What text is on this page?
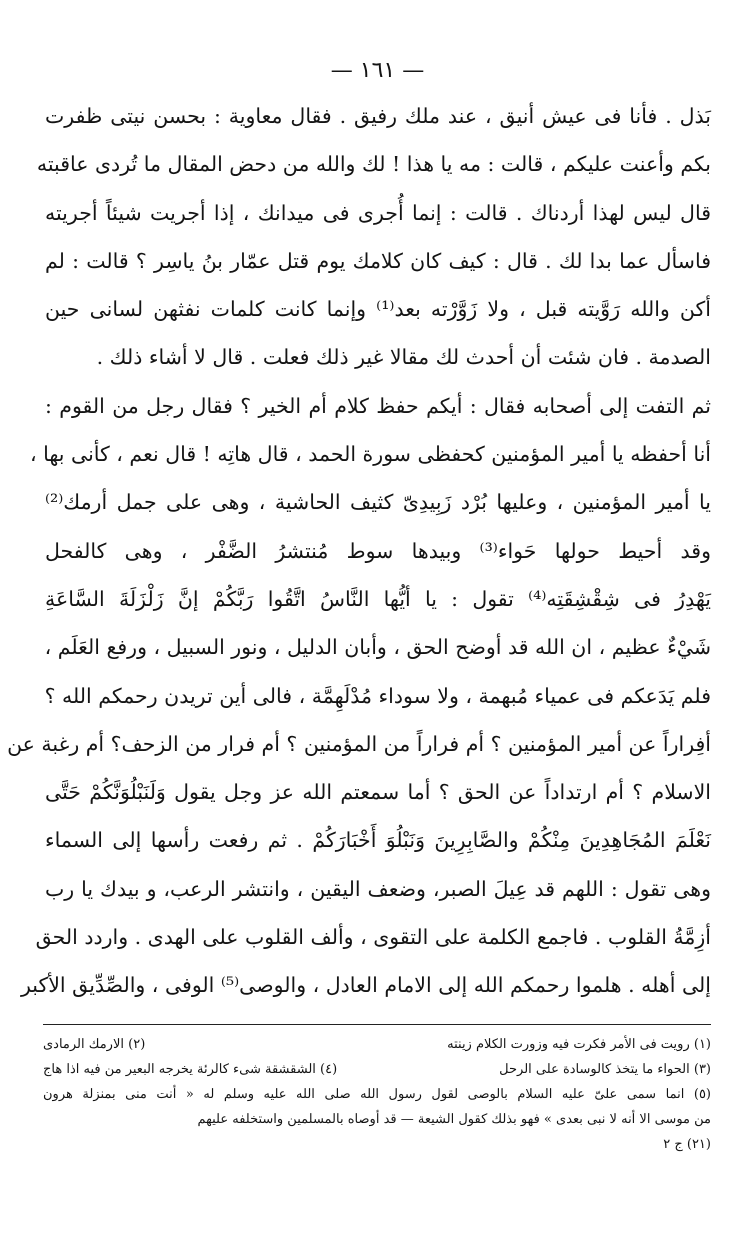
— ١٦١ —
بَذل . فأنا فى عيش أنيق ، عند ملك رفيق . فقال معاوية : بحسن نيتى ظفرت
بكم وأعنت عليكم ، قالت : مه يا هذا ! لك والله من دحض المقال ما تُردى عاقبته
قال ليس لهذا أردناك . قالت : إنما أُجرى فى ميدانك ، إذا أجريت شيئاً أجريته
فاسأل عما بدا لك . قال : كيف كان كلامك يوم قتل عمّار بنُ ياسِر ؟ قالت : لم
أكن والله رَوَّيته قبل ، ولا زَوَّرْته بعد⁽¹⁾ وإنما كانت كلمات نفثهن لسانى حين
الصدمة . فان شئت أن أحدث لك مقالا غير ذلك فعلت . قال لا أشاء ذلك .
ثم التفت إلى أصحابه فقال : أيكم حفظ كلام أم الخير ؟ فقال رجل من القوم :
أنا أحفظه يا أمير المؤمنين كحفظى سورة الحمد ، قال هاتِه ! قال نعم ، كأنى بها ،
يا أمير المؤمنين ، وعليها بُرْد زَبِيدِىّ كثيف الحاشية ، وهى على جمل أرمك⁽²⁾
وقد أحيط حولها حَواء⁽³⁾ وبيدها سوط مُنتشرُ الضَّفْر ، وهى كالفحل
يَهْدِرُ فى شِقْشِقَتِه⁽⁴⁾ تقول : يا أيُّها النَّاسُ اتَّقُوا رَبَّكُمْ إنَّ زَلْزَلَةَ السَّاعَةِ
شَيْءٌ عظيم ، ان الله قد أوضح الحق ، وأبان الدليل ، ونور السبيل ، ورفع العَلَم ،
فلم يَدَعكم فى عمياء مُبهمة ، ولا سوداء مُدْلَهِمَّة ، فالى أين تريدن رحمكم الله ؟
أفِراراً عن أمير المؤمنين ؟ أم فراراً من المؤمنين ؟ أم فرار من الزحف؟ أم رغبة عن
الاسلام ؟ أم ارتداداً عن الحق ؟ أما سمعتم الله عز وجل يقول وَلَنَبْلُوَنَّكُمْ حَتَّى
نَعْلَمَ المُجَاهِدِينَ مِنْكُمْ والصَّابِرِينَ وَنَبْلُوَ أَخْبَارَكُمْ . ثم رفعت رأسها إلى السماء
وهى تقول : اللهم قد عِيلَ الصبر، وضعف اليقين ، وانتشر الرعب، و بيدك يا رب
أزِمَّةُ القلوب . فاجمع الكلمة على التقوى ، وألف القلوب على الهدى . واردد الحق
إلى أهله . هلموا رحمكم الله إلى الامام العادل ، والوصى⁽⁵⁾ الوفى ، والصِّدِّيق الأكبر
(١) رويت فى الأمر فكرت فيه وزورت الكلام زينته
(٢) الارمك الرمادى
(٣) الحواء ما يتخذ كالوسادة على الرحل
(٤) الشقشقة شىء كالرئة يخرجه البعير من فيه اذا هاج
(٥) انما سمى علىّ عليه السلام بالوصى لقول رسول الله صلى الله عليه وسلم له « أنت منى بمنزلة هرون
من موسى الا أنه لا نبى بعدى » فهو بذلك كقول الشيعة — قد أوصاه بالمسلمين واستخلفه عليهم
(٢١) ج ٢
